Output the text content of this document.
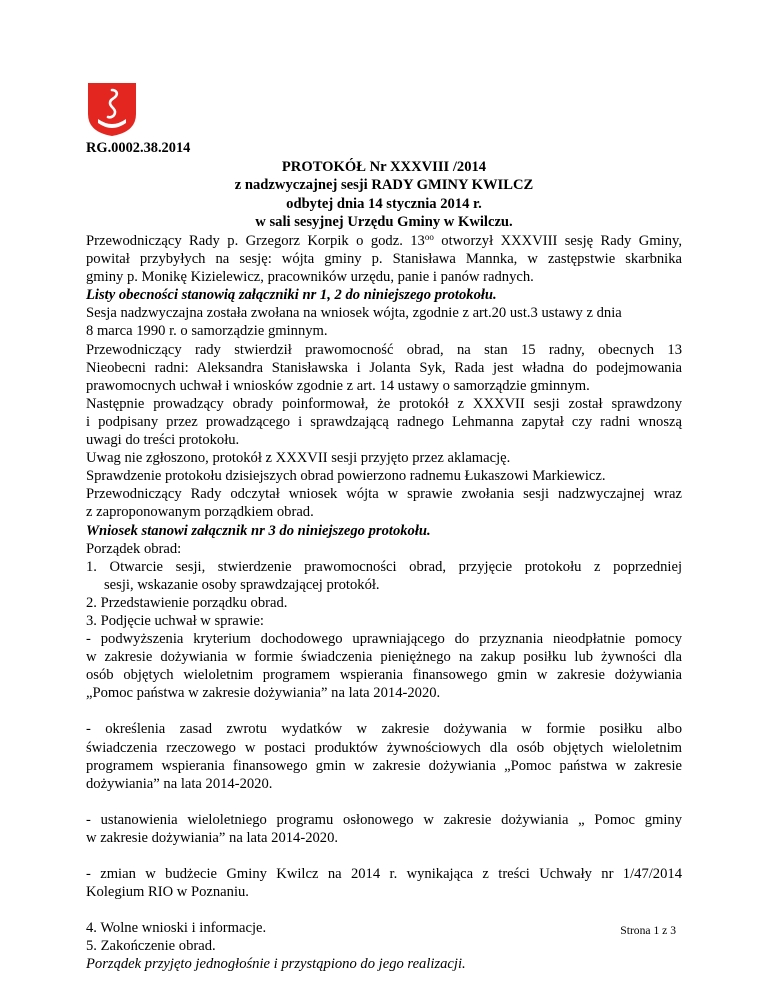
RG.0002.38.2014
PROTOKÓŁ Nr XXXVIII /2014
z nadzwyczajnej sesji RADY GMINY KWILCZ
odbytej dnia 14 stycznia 2014 r.
w sali sesyjnej Urzędu Gminy w Kwilczu.

Przewodniczący Rady p. Grzegorz Korpik o godz. $13^{oo}$ otworzył XXXVIII sesję Rady Gminy,

powitał przybyłych na sesję: wójta gminy p. Stanisława Mannka, w zastępstwie skarbnika

gminy p. Monikę Kizielewicz, pracowników urzędu, panie i panów radnych.

Listy obecności stanowią załączniki nr 1, 2 do niniejszego protokołu.

Sesja nadzwyczajna została zwołana na wniosek wójta, zgodnie z art.20 ust.3 ustawy z dnia

8 marca 1990 r. o samorządzie gminnym.

Przewodniczący rady stwierdził prawomocność obrad, na stan 15 radny, obecnych 13

Nieobecni radni: Aleksandra Stanisławska i Jolanta Syk, Rada jest władna do podejmowania

prawomocnych uchwał i wniosków zgodnie z art. 14 ustawy o samorządzie gminnym.

Następnie prowadzący obrady poinformował, że protokół z XXXVII sesji został sprawdzony

i podpisany przez prowadzącego i sprawdzającą radnego Lehmanna zapytał czy radni wnoszą

uwagi do treści protokołu.

Uwag nie zgłoszono, protokół z XXXVII sesji przyjęto przez aklamację.

Sprawdzenie protokołu dzisiejszych obrad powierzono radnemu Łukaszowi Markiewicz.

Przewodniczący Rady odczytał wniosek wójta w sprawie zwołania sesji nadzwyczajnej wraz

z zaproponowanym porządkiem obrad.

Wniosek stanowi załącznik nr 3 do niniejszego protokołu.

Porządek obrad:

1. Otwarcie sesji, stwierdzenie prawomocności obrad, przyjęcie protokołu z poprzedniej
sesji, wskazanie osoby sprawdzającej protokół.

2. Przedstawienie porządku obrad.

3. Podjęcie uchwał w sprawie:

- podwyższenia kryterium dochodowego uprawniającego do przyznania nieodpłatnie pomocy

w zakresie dożywiania w formie świadczenia pieniężnego na zakup posiłku lub żywności dla

osób objętych wieloletnim programem wspierania finansowego gmin w zakresie dożywiania

„Pomoc państwa w zakresie dożywiania” na lata 2014-2020.

- określenia zasad zwrotu wydatków w zakresie dożywania w formie posiłku albo

świadczenia rzeczowego w postaci produktów żywnościowych dla osób objętych wieloletnim

programem wspierania finansowego gmin w zakresie dożywiania „Pomoc państwa w zakresie

dożywiania” na lata 2014-2020.

- ustanowienia wieloletniego programu osłonowego w zakresie dożywiania „ Pomoc gminy

w zakresie dożywiania” na lata 2014-2020.

- zmian w budżecie Gminy Kwilcz na 2014 r. wynikająca z treści Uchwały nr 1/47/2014

Kolegium RIO w Poznaniu.

4. Wolne wnioski i informacje.

5. Zakończenie obrad.

Porządek przyjęto jednogłośnie i przystąpiono do jego realizacji.

Strona 1 z 3
